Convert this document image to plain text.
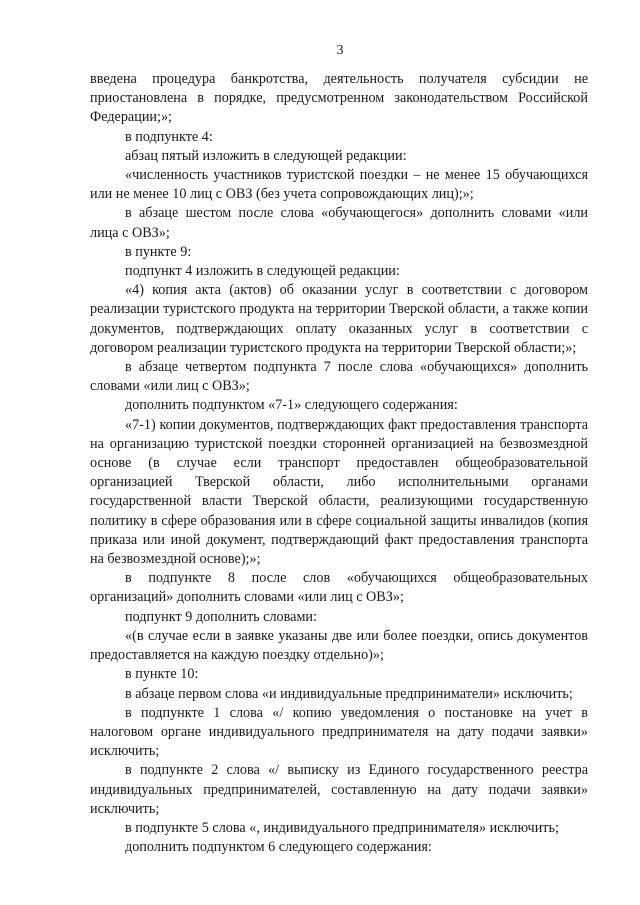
3

введена процедура банкротства, деятельность получателя субсидии не приостановлена в порядке, предусмотренном законодательством Российской Федерации;»;

в подпункте 4:

абзац пятый изложить в следующей редакции:

«численность участников туристской поездки – не менее 15 обучающихся или не менее 10 лиц с ОВЗ (без учета сопровождающих лиц);»;

в абзаце шестом после слова «обучающегося» дополнить словами «или лица с ОВЗ»;

в пункте 9:

подпункт 4 изложить в следующей редакции:

«4) копия акта (актов) об оказании услуг в соответствии с договором реализации туристского продукта на территории Тверской области, а также копии документов, подтверждающих оплату оказанных услуг в соответствии с договором реализации туристского продукта на территории Тверской области;»;

в абзаце четвертом подпункта 7 после слова «обучающихся» дополнить словами «или лиц с ОВЗ»;

дополнить подпунктом «7-1» следующего содержания:

«7-1) копии документов, подтверждающих факт предоставления транспорта на организацию туристской поездки сторонней организацией на безвозмездной основе (в случае если транспорт предоставлен общеобразовательной организацией Тверской области, либо исполнительными органами государственной власти Тверской области, реализующими государственную политику в сфере образования или в сфере социальной защиты инвалидов (копия приказа или иной документ, подтверждающий факт предоставления транспорта на безвозмездной основе);»;

в подпункте 8 после слов «обучающихся общеобразовательных организаций» дополнить словами «или лиц с ОВЗ»;

подпункт 9 дополнить словами:

«(в случае если в заявке указаны две или более поездки, опись документов предоставляется на каждую поездку отдельно)»;

в пункте 10:

в абзаце первом слова «и индивидуальные предприниматели» исключить;

в подпункте 1 слова «/ копию уведомления о постановке на учет в налоговом органе индивидуального предпринимателя на дату подачи заявки» исключить;

в подпункте 2 слова «/ выписку из Единого государственного реестра индивидуальных предпринимателей, составленную на дату подачи заявки» исключить;

в подпункте 5 слова «, индивидуального предпринимателя» исключить;

дополнить подпунктом 6 следующего содержания:
